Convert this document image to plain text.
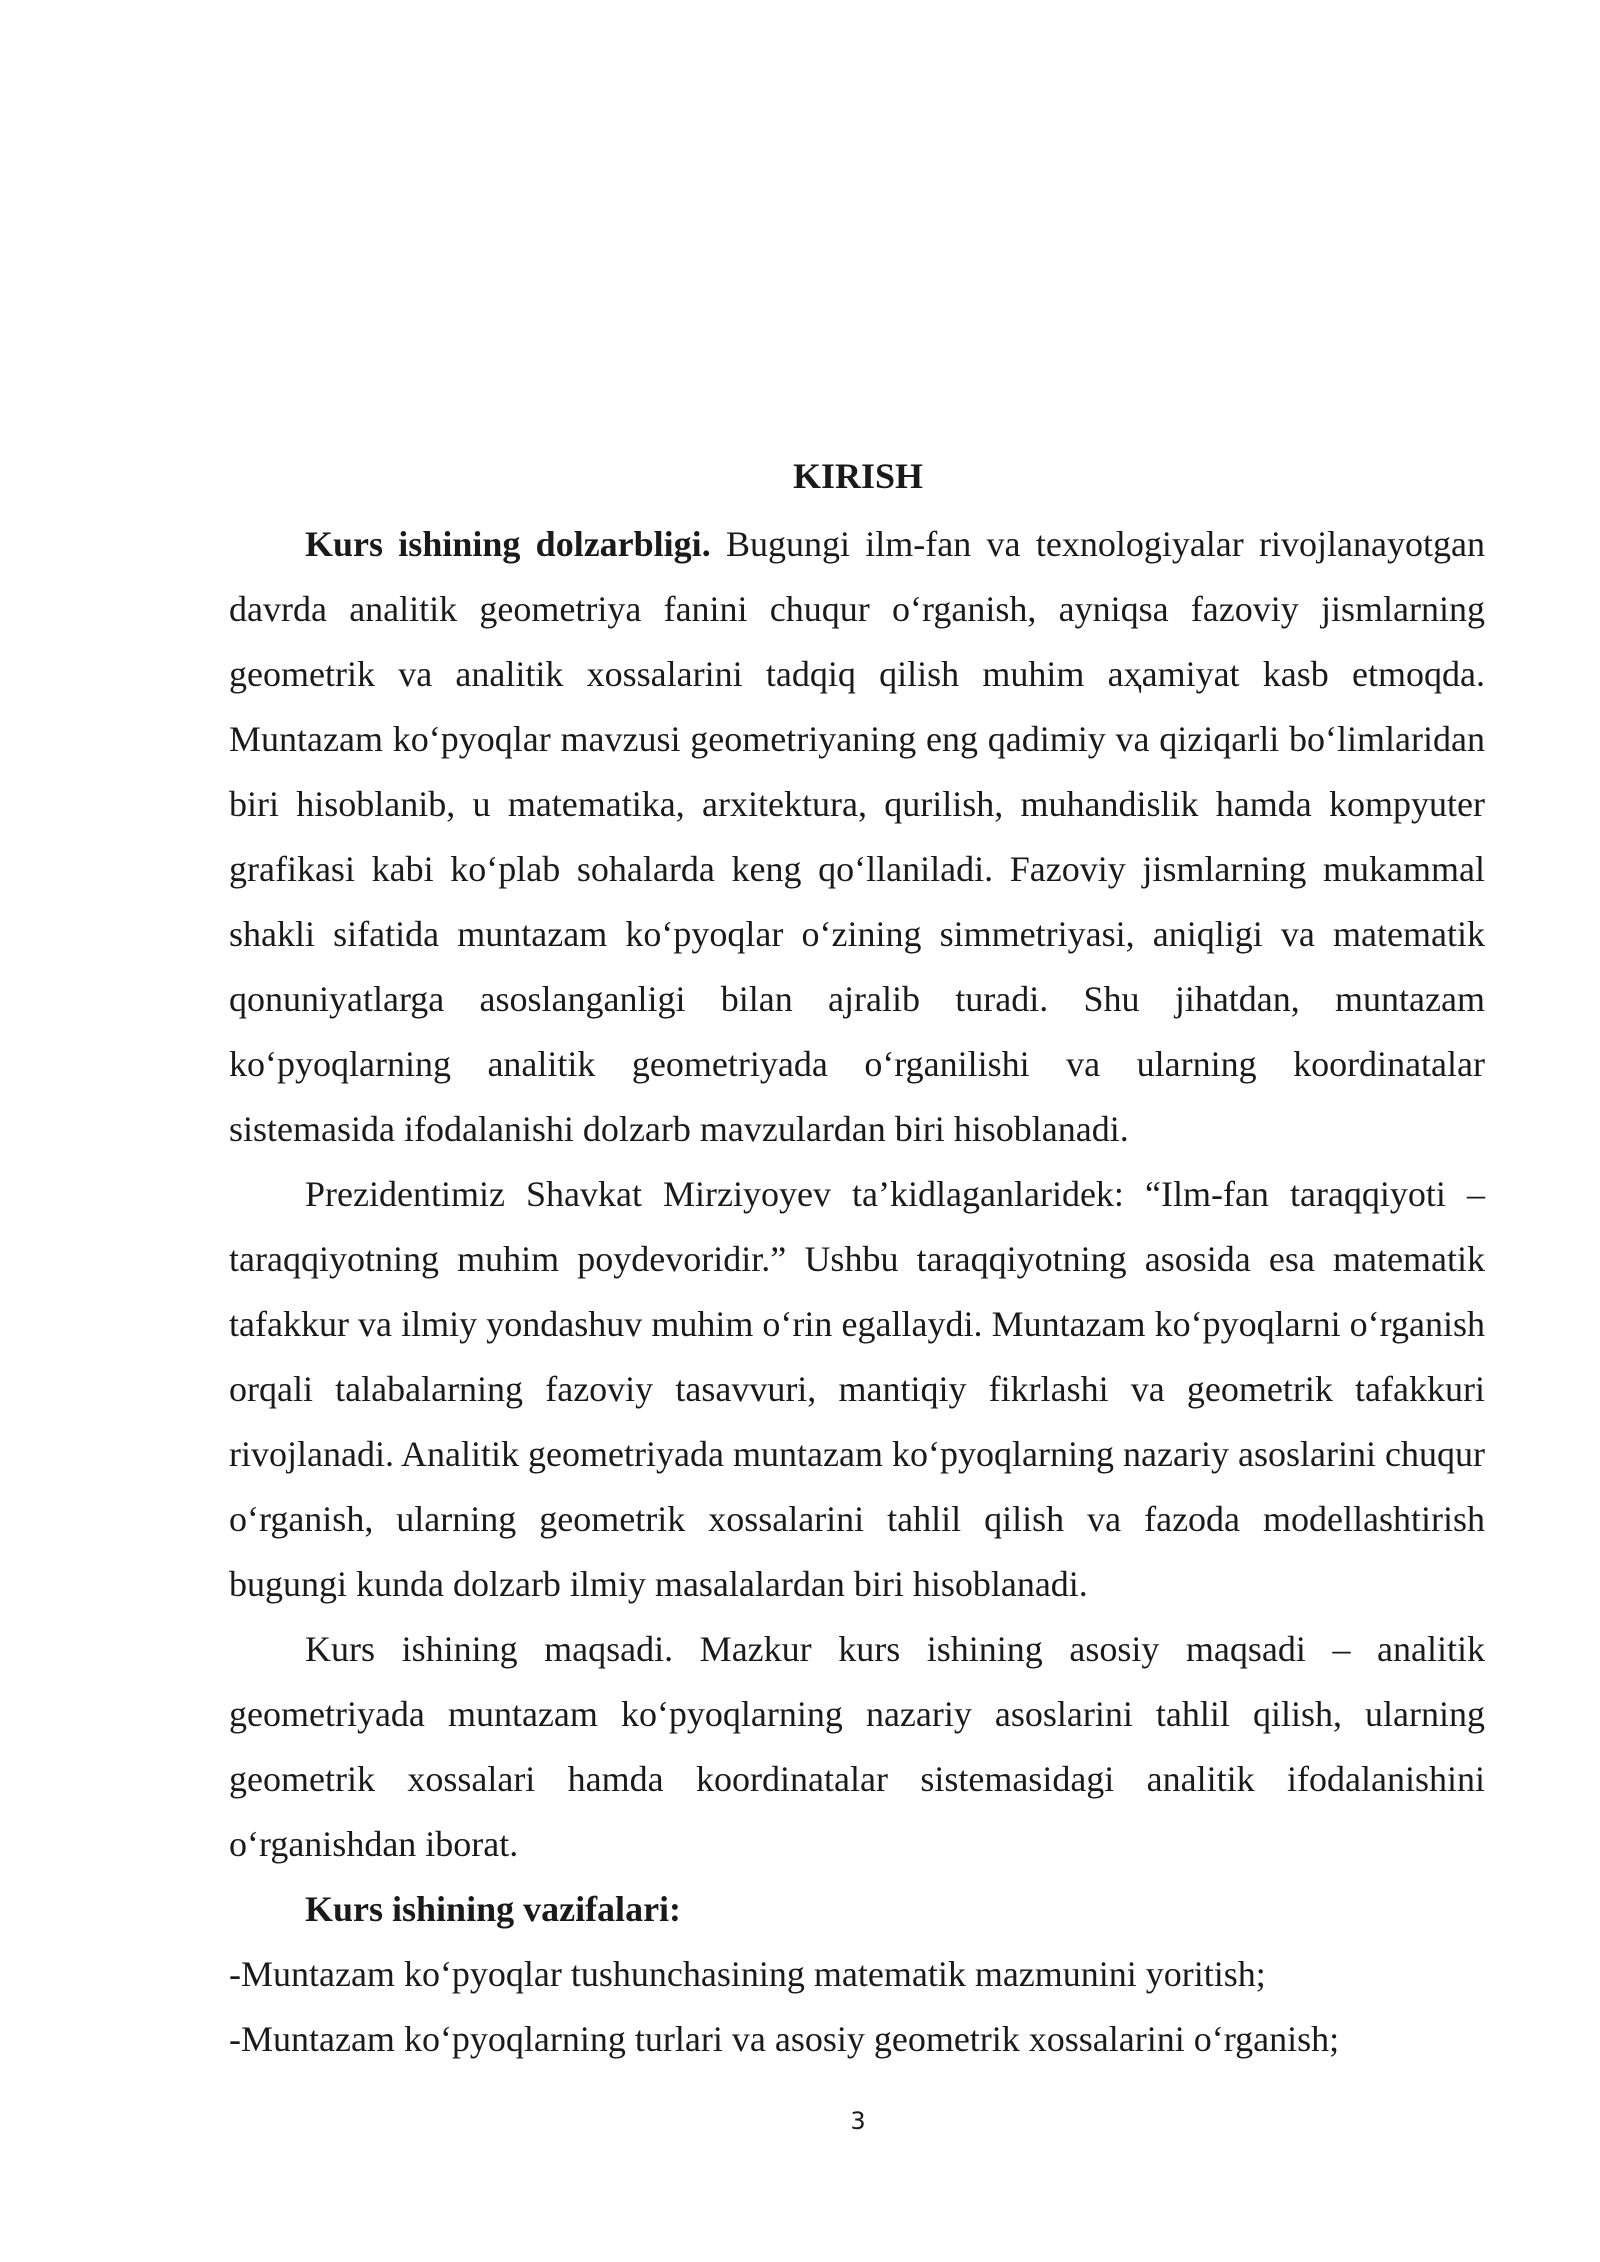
KIRISH

Kurs ishining dolzarbligi. Bugungi ilm-fan va texnologiyalar rivojlanayotgan davrda analitik geometriya fanini chuqur oʻrganish, ayniqsa fazoviy jismlarning geometrik va analitik xossalarini tadqiq qilish muhim aҳamiyat kasb etmoqda. Muntazam koʻpyoqlar mavzusi geometriyaning eng qadimiy va qiziqarli boʻlimlaridan biri hisoblanib, u matematika, arxitektura, qurilish, muhandislik hamda kompyuter grafikasi kabi koʻplab sohalarda keng qoʻllaniladi. Fazoviy jismlarning mukammal shakli sifatida muntazam koʻpyoqlar oʻzining simmetriyasi, aniqligi va matematik qonuniyatlarga asoslanganligi bilan ajralib turadi. Shu jihatdan, muntazam koʻpyoqlarning analitik geometriyada oʻrganilishi va ularning koordinatalar sistemasida ifodalanishi dolzarb mavzulardan biri hisoblanadi.

Prezidentimiz Shavkat Mirziyoyev ta’kidlaganlaridek: “Ilm-fan taraqqiyoti – taraqqiyotning muhim poydevoridir.” Ushbu taraqqiyotning asosida esa matematik tafakkur va ilmiy yondashuv muhim oʻrin egallaydi. Muntazam koʻpyoqlarni oʻrganish orqali talabalarning fazoviy tasavvuri, mantiqiy fikrlashi va geometrik tafakkuri rivojlanadi. Analitik geometriyada muntazam koʻpyoqlarning nazariy asoslarini chuqur oʻrganish, ularning geometrik xossalarini tahlil qilish va fazoda modellashtirish bugungi kunda dolzarb ilmiy masalalardan biri hisoblanadi.

Kurs ishining maqsadi. Mazkur kurs ishining asosiy maqsadi – analitik geometriyada muntazam koʻpyoqlarning nazariy asoslarini tahlil qilish, ularning geometrik xossalari hamda koordinatalar sistemasidagi analitik ifodalanishini oʻrganishdan iborat.

Kurs ishining vazifalari:

-Muntazam koʻpyoqlar tushunchasining matematik mazmunini yoritish;

-Muntazam koʻpyoqlarning turlari va asosiy geometrik xossalarini oʻrganish;

3
